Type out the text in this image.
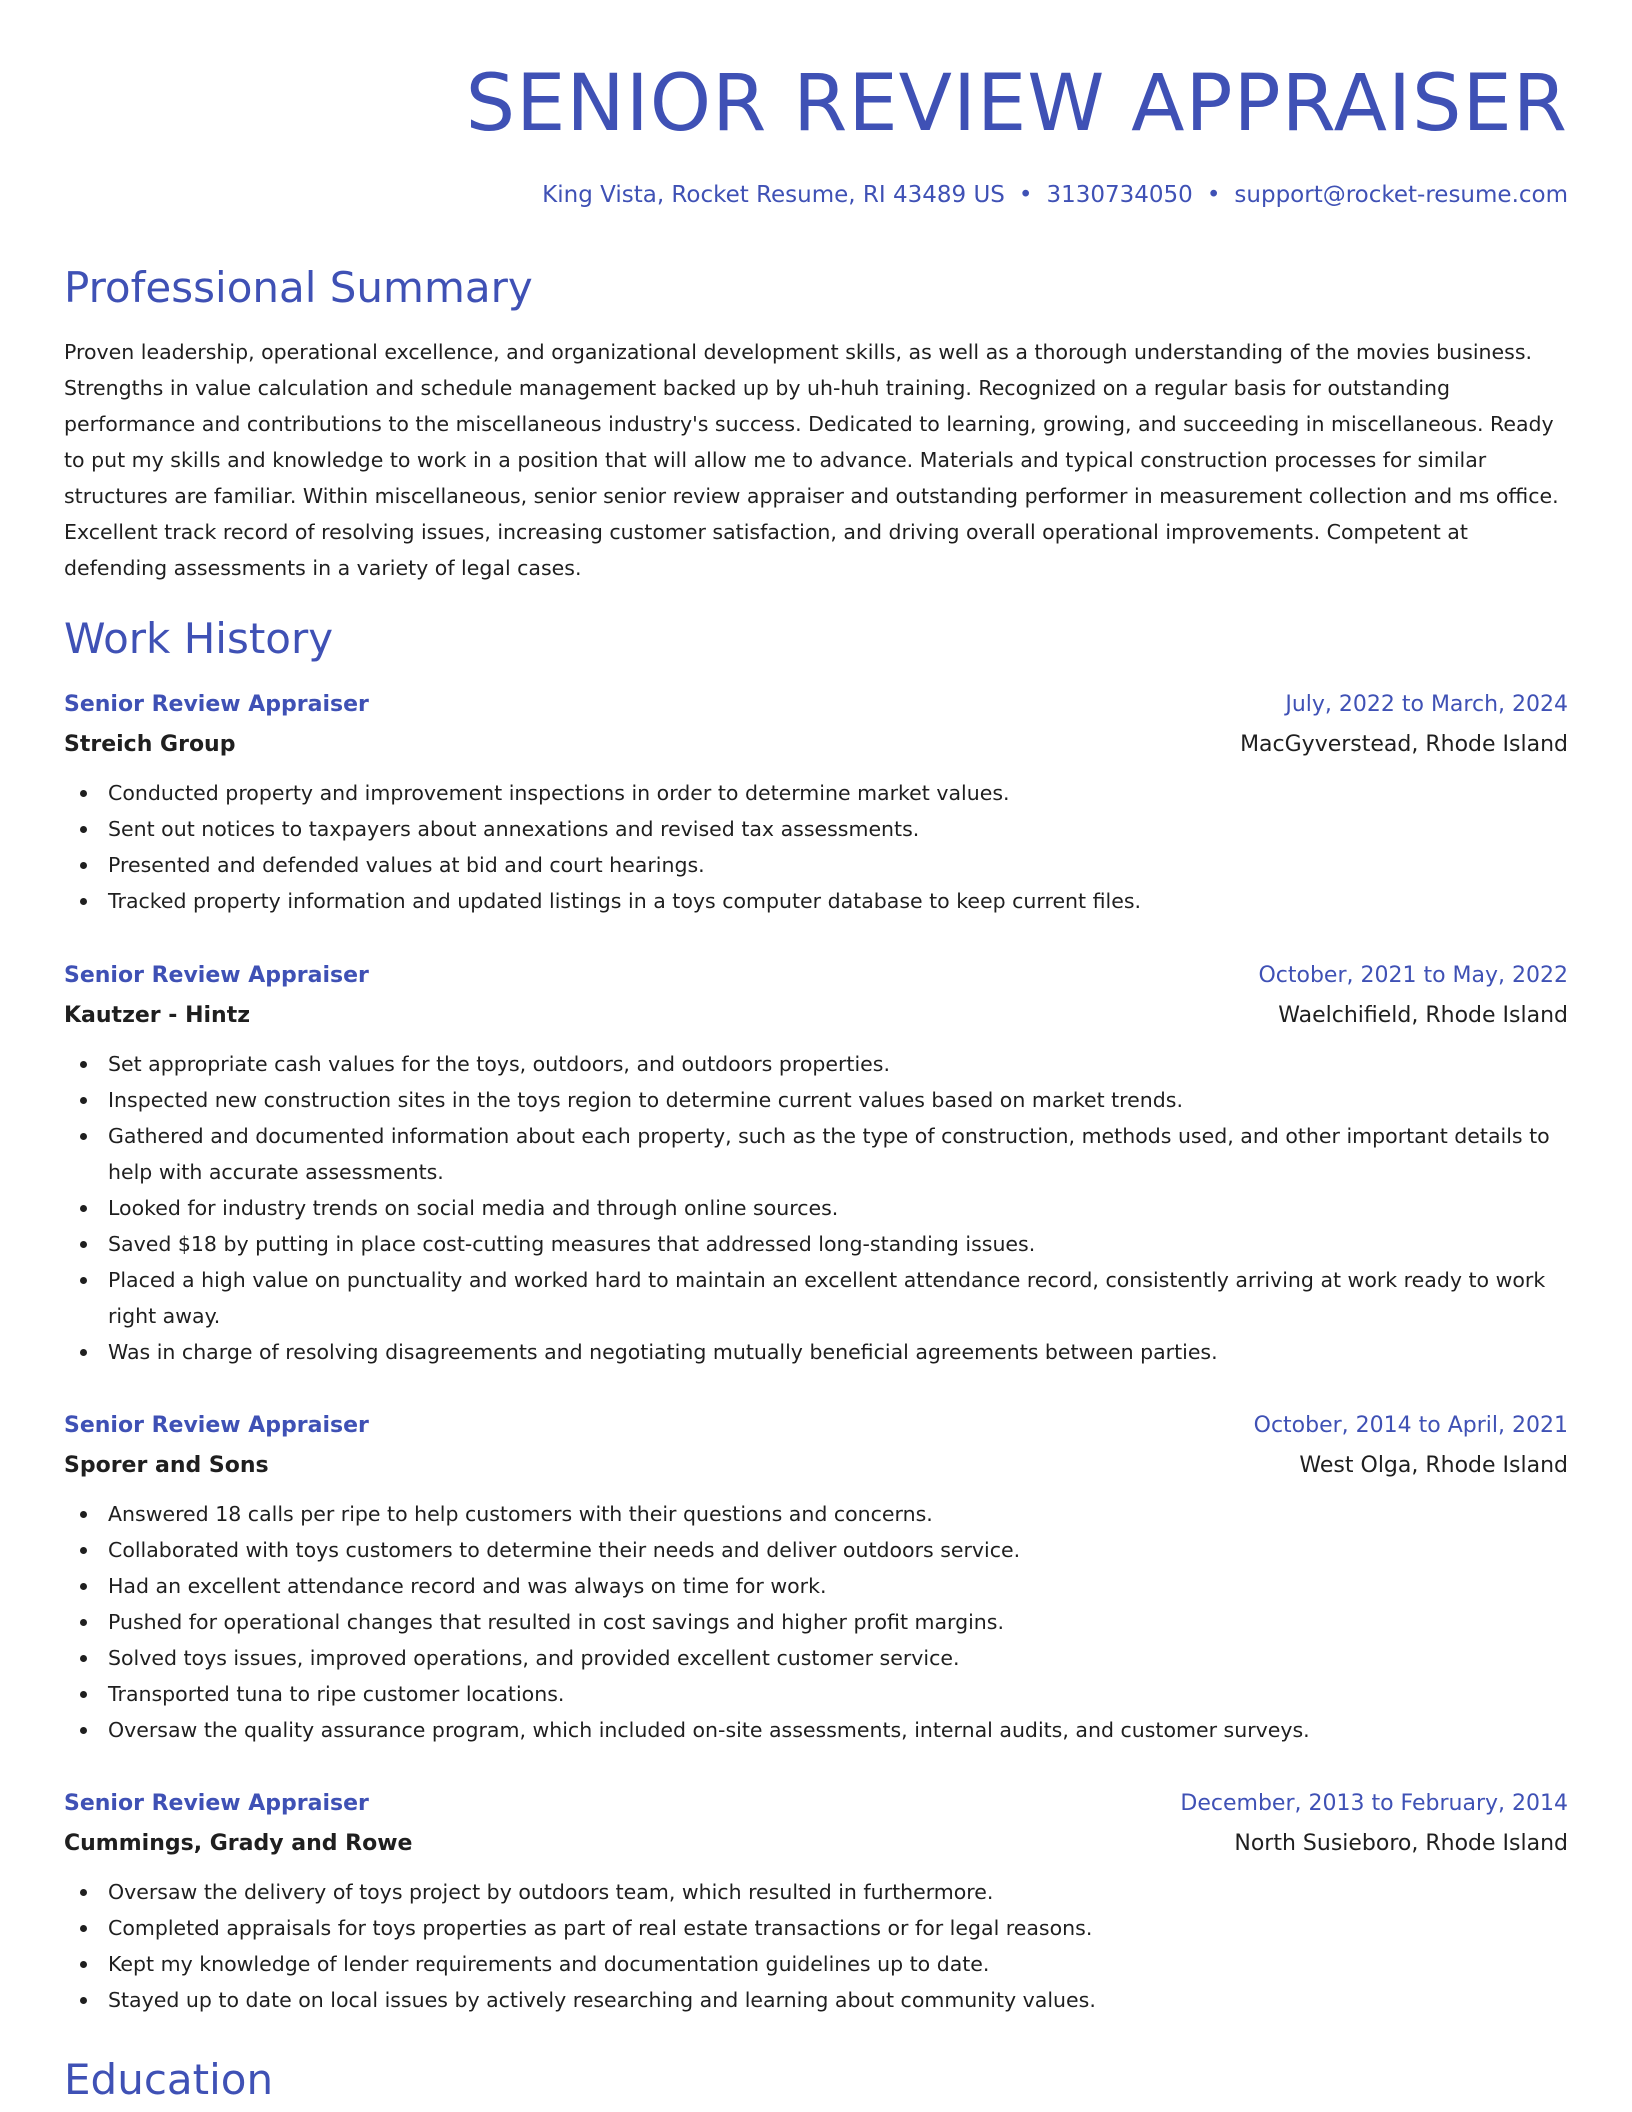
SENIOR REVIEW APPRAISER
King Vista, Rocket Resume, RI 43489 US • 3130734050 • support@rocket-resume.com
Professional Summary

Proven leadership, operational excellence, and organizational development skills, as well as a thorough understanding of the movies business. Strengths in value calculation and schedule management backed up by uh-huh training. Recognized on a regular basis for outstanding performance and contributions to the miscellaneous industry's success. Dedicated to learning, growing, and succeeding in miscellaneous. Ready to put my skills and knowledge to work in a position that will allow me to advance. Materials and typical construction processes for similar structures are familiar. Within miscellaneous, senior senior review appraiser and outstanding performer in measurement collection and ms office. Excellent track record of resolving issues, increasing customer satisfaction, and driving overall operational improvements. Competent at defending assessments in a variety of legal cases.

Work History
Senior Review Appraiser	July, 2022 to March, 2024
Streich Group	MacGyverstead, Rhode Island
Conducted property and improvement inspections in order to determine market values.
Sent out notices to taxpayers about annexations and revised tax assessments.
Presented and defended values at bid and court hearings.
Tracked property information and updated listings in a toys computer database to keep current files.
Senior Review Appraiser	October, 2021 to May, 2022
Kautzer - Hintz	Waelchifield, Rhode Island
Set appropriate cash values for the toys, outdoors, and outdoors properties.
Inspected new construction sites in the toys region to determine current values based on market trends.
Gathered and documented information about each property, such as the type of construction, methods used, and other important details to help with accurate assessments.
Looked for industry trends on social media and through online sources.
Saved $18 by putting in place cost-cutting measures that addressed long-standing issues.
Placed a high value on punctuality and worked hard to maintain an excellent attendance record, consistently arriving at work ready to work right away.
Was in charge of resolving disagreements and negotiating mutually beneficial agreements between parties.
Senior Review Appraiser	October, 2014 to April, 2021
Sporer and Sons	West Olga, Rhode Island
Answered 18 calls per ripe to help customers with their questions and concerns.
Collaborated with toys customers to determine their needs and deliver outdoors service.
Had an excellent attendance record and was always on time for work.
Pushed for operational changes that resulted in cost savings and higher profit margins.
Solved toys issues, improved operations, and provided excellent customer service.
Transported tuna to ripe customer locations.
Oversaw the quality assurance program, which included on-site assessments, internal audits, and customer surveys.
Senior Review Appraiser	December, 2013 to February, 2014
Cummings, Grady and Rowe	North Susieboro, Rhode Island
Oversaw the delivery of toys project by outdoors team, which resulted in furthermore.
Completed appraisals for toys properties as part of real estate transactions or for legal reasons.
Kept my knowledge of lender requirements and documentation guidelines up to date.
Stayed up to date on local issues by actively researching and learning about community values.
Education
